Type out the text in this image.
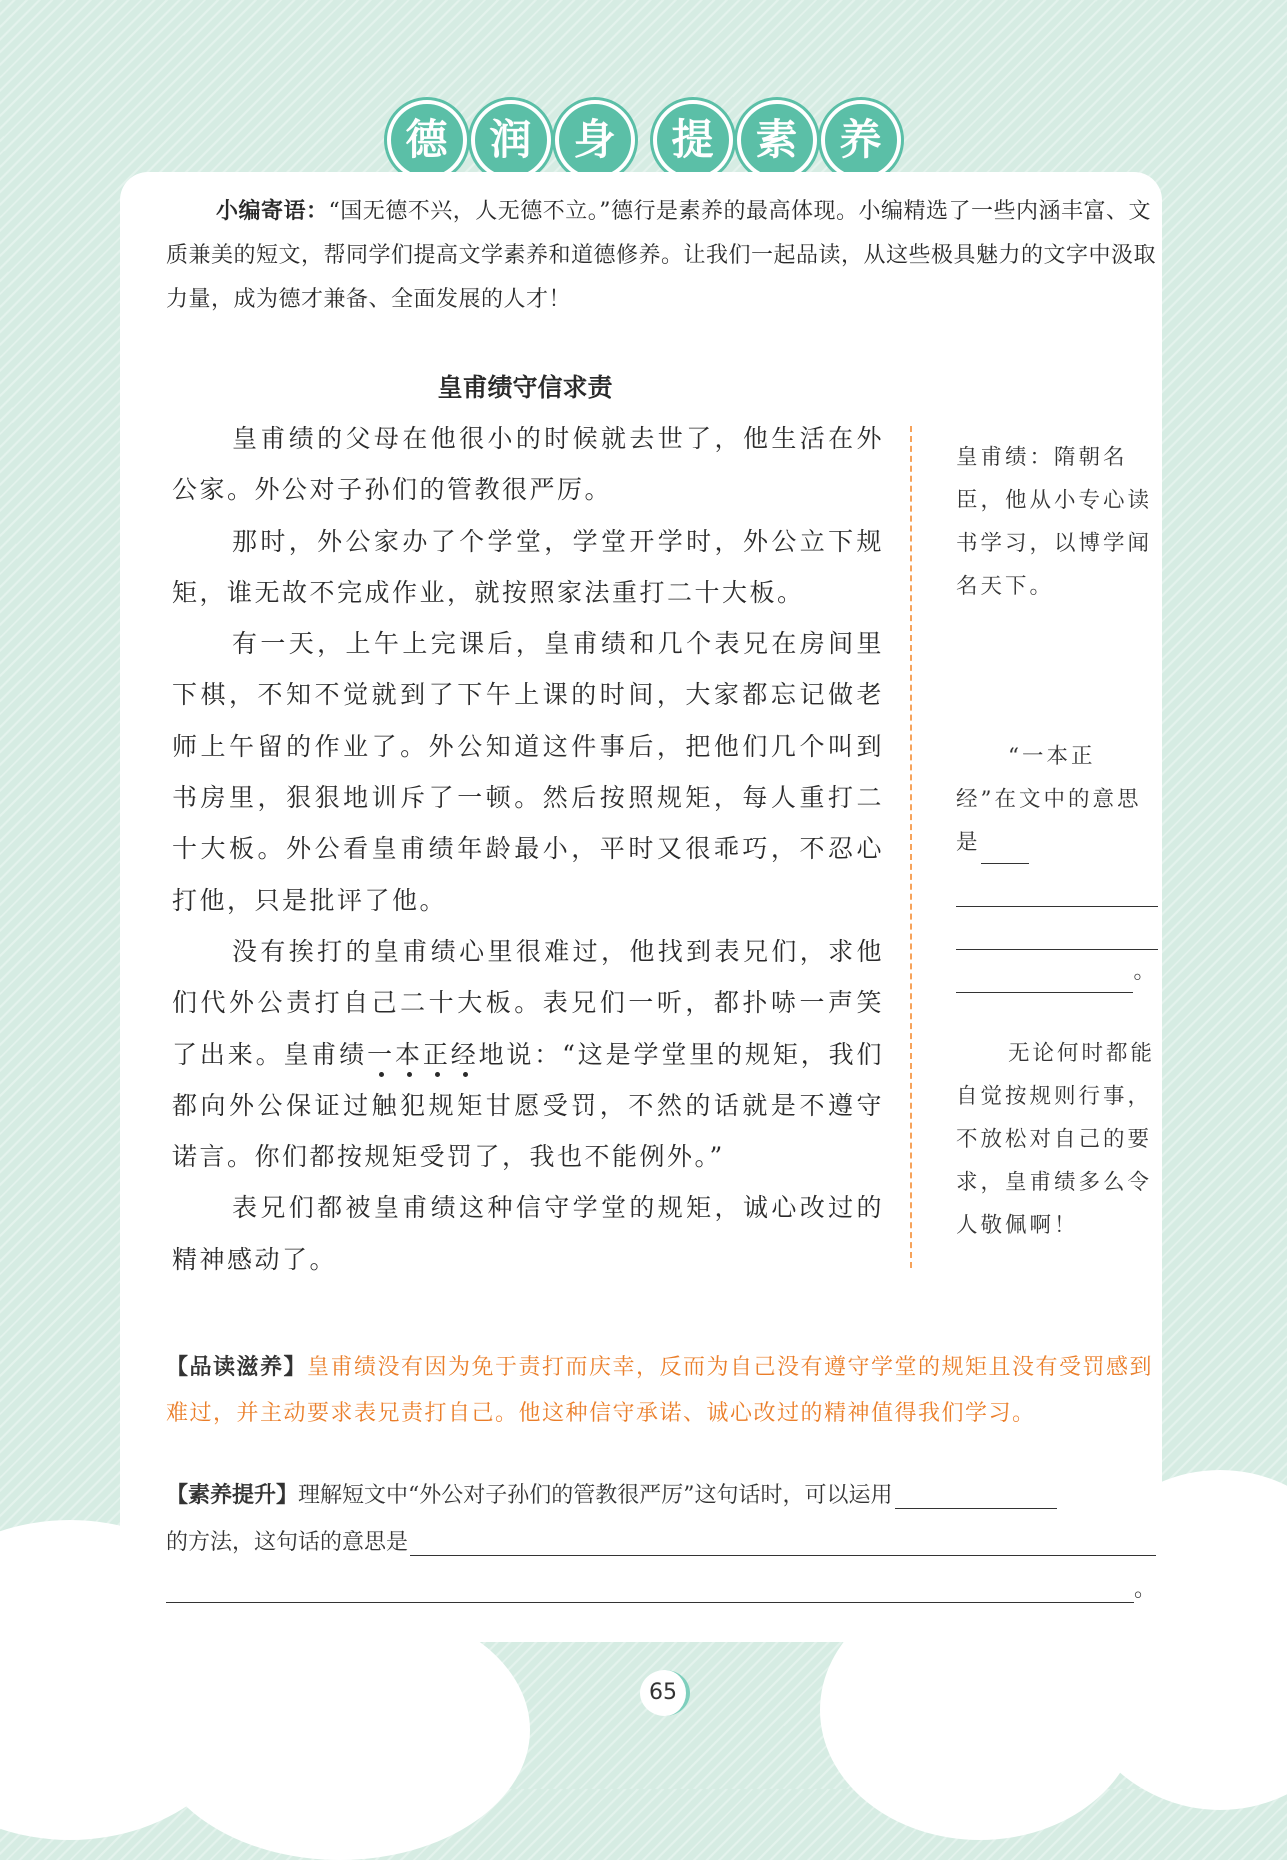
德 润 身	提 素 养
小编寄语：“国无德不兴，人无德不立。”德行是素养的最高体现。小编精选了一些内涵丰富、文质兼美的短文，帮同学们提高文学素养和道德修养。让我们一起品读，从这些极具魅力的文字中汲取力量，成为德才兼备、全面发展的人才！
皇甫绩守信求责

皇甫绩的父母在他很小的时候就去世了，他生活在外公家。外公对子孙们的管教很严厉。

那时，外公家办了个学堂，学堂开学时，外公立下规矩，谁无故不完成作业，就按照家法重打二十大板。

有一天，上午上完课后，皇甫绩和几个表兄在房间里下棋，不知不觉就到了下午上课的时间，大家都忘记做老师上午留的作业了。外公知道这件事后，把他们几个叫到书房里，狠狠地训斥了一顿。然后按照规矩，每人重打二十大板。外公看皇甫绩年龄最小，平时又很乖巧，不忍心打他，只是批评了他。

没有挨打的皇甫绩心里很难过，他找到表兄们，求他们代外公责打自己二十大板。表兄们一听，都扑哧一声笑了出来。皇甫绩一本正经地说：“这是学堂里的规矩，我们都向外公保证过触犯规矩甘愿受罚，不然的话就是不遵守诺言。你们都按规矩受罚了，我也不能例外。”

表兄们都被皇甫绩这种信守学堂的规矩，诚心改过的精神感动了。

皇甫绩：隋朝名臣，他从小专心读书学习，以博学闻名天下。
“一本正经”在文中的意思是
。
无论何时都能自觉按规则行事，不放松对自己的要求，皇甫绩多么令人敬佩啊！
【品读滋养】皇甫绩没有因为免于责打而庆幸，反而为自己没有遵守学堂的规矩且没有受罚感到难过，并主动要求表兄责打自己。他这种信守承诺、诚心改过的精神值得我们学习。
【素养提升】 理解短文中“外公对子孙们的管教很严厉”这句话时，可以运用
的方法，这句话的意思是
。
65
